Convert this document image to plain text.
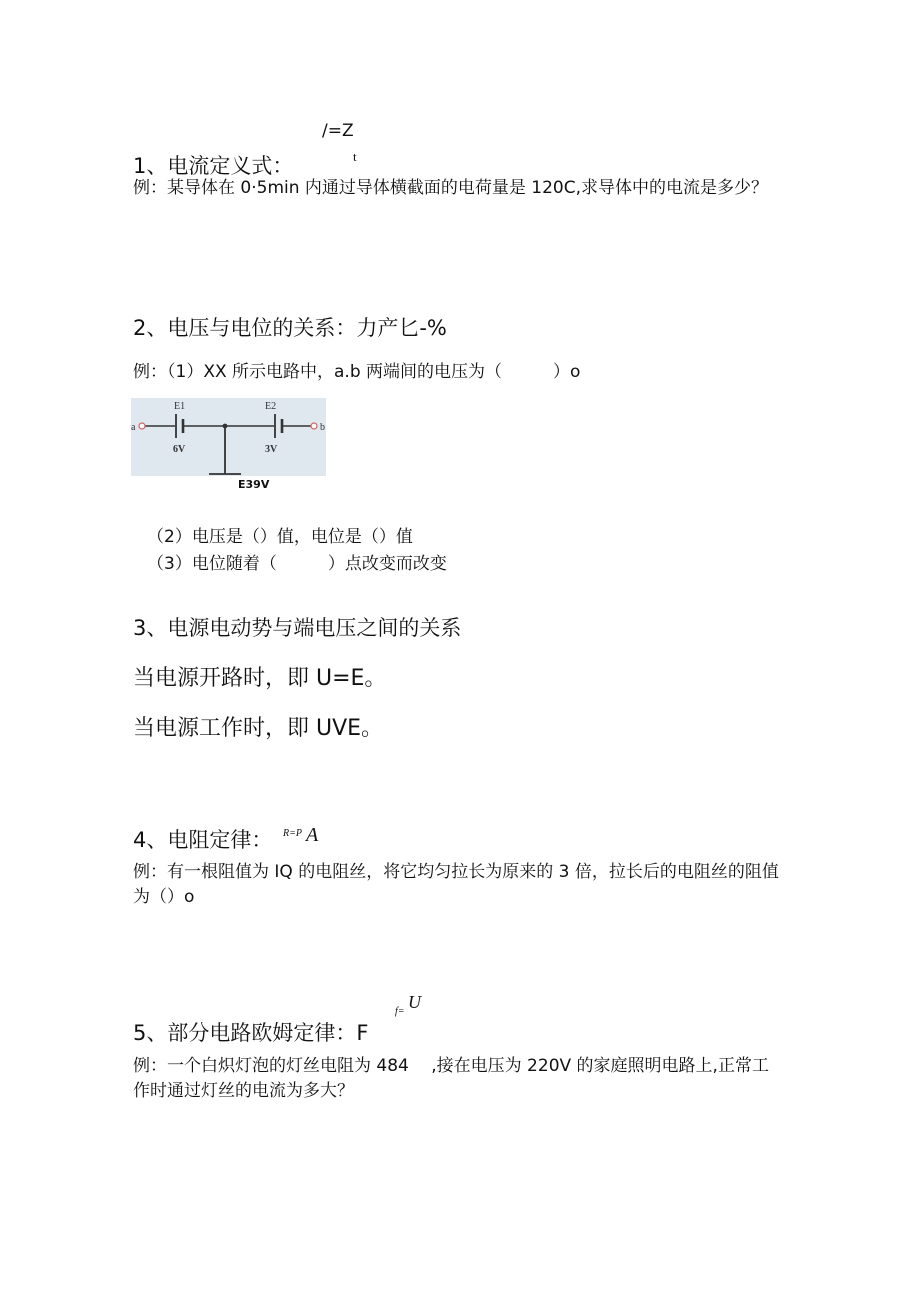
/=Z
t
1、电流定义式：
例：某导体在 0·5min 内通过导体横截面的电荷量是 120C,求导体中的电流是多少？
2、电压与电位的关系：力产匕-%
例：（1）XX 所示电路中，a.b 两端间的电压为（　　　）o
a	b
E1	E2
6V	3V
E39V
（2）电压是（）值，电位是（）值
（3）电位随着（　　　）点改变而改变
3、电源电动势与端电压之间的关系
当电源开路时，即 U=E。
当电源工作时，即 UVE。
4、电阻定律： R=P A
例：有一根阻值为 IQ 的电阻丝，将它均匀拉长为原来的 3 倍，拉长后的电阻丝的阻值为（）o
f= U
5、部分电路欧姆定律：F
例：一个白炽灯泡的灯丝电阻为 484　 ,接在电压为 220V 的家庭照明电路上,正常工作时通过灯丝的电流为多大？
